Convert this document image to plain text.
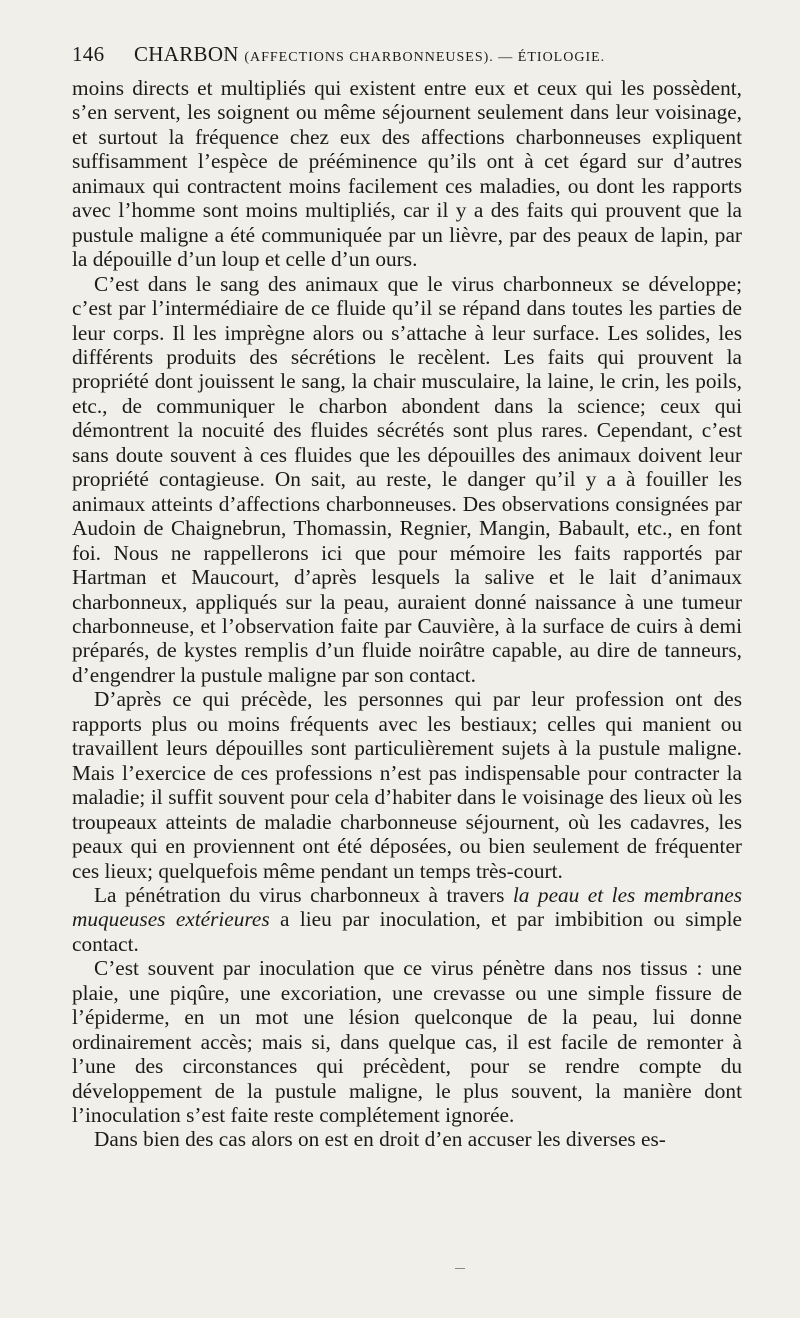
146 CHARBON (AFFECTIONS CHARBONNEUSES). — ÉTIOLOGIE.

moins directs et multipliés qui existent entre eux et ceux qui les possèdent, s’en servent, les soignent ou même séjournent seulement dans leur voisinage, et surtout la fréquence chez eux des affections charbonneuses expliquent suffisamment l’espèce de prééminence qu’ils ont à cet égard sur d’autres animaux qui contractent moins facilement ces maladies, ou dont les rapports avec l’homme sont moins multipliés, car il y a des faits qui prouvent que la pustule maligne a été communiquée par un lièvre, par des peaux de lapin, par la dépouille d’un loup et celle d’un ours.

C’est dans le sang des animaux que le virus charbonneux se développe; c’est par l’intermédiaire de ce fluide qu’il se répand dans toutes les parties de leur corps. Il les imprègne alors ou s’attache à leur surface. Les solides, les différents produits des sécrétions le recèlent. Les faits qui prouvent la propriété dont jouissent le sang, la chair musculaire, la laine, le crin, les poils, etc., de communiquer le charbon abondent dans la science; ceux qui démontrent la nocuité des fluides sécrétés sont plus rares. Cependant, c’est sans doute souvent à ces fluides que les dépouilles des animaux doivent leur propriété contagieuse. On sait, au reste, le danger qu’il y a à fouiller les animaux atteints d’affections charbonneuses. Des observations consignées par Audoin de Chaignebrun, Thomassin, Regnier, Mangin, Babault, etc., en font foi. Nous ne rappellerons ici que pour mémoire les faits rapportés par Hartman et Maucourt, d’après lesquels la salive et le lait d’animaux charbonneux, appliqués sur la peau, auraient donné naissance à une tumeur charbonneuse, et l’observation faite par Cauvière, à la surface de cuirs à demi préparés, de kystes remplis d’un fluide noirâtre capable, au dire de tanneurs, d’engendrer la pustule maligne par son contact.

D’après ce qui précède, les personnes qui par leur profession ont des rapports plus ou moins fréquents avec les bestiaux; celles qui manient ou travaillent leurs dépouilles sont particulièrement sujets à la pustule maligne. Mais l’exercice de ces professions n’est pas indispensable pour contracter la maladie; il suffit souvent pour cela d’habiter dans le voisinage des lieux où les troupeaux atteints de maladie charbonneuse séjournent, où les cadavres, les peaux qui en proviennent ont été déposées, ou bien seulement de fréquenter ces lieux; quelquefois même pendant un temps très-court.

La pénétration du virus charbonneux à travers la peau et les membranes muqueuses extérieures a lieu par inoculation, et par imbibition ou simple contact.

C’est souvent par inoculation que ce virus pénètre dans nos tissus : une plaie, une piqûre, une excoriation, une crevasse ou une simple fissure de l’épiderme, en un mot une lésion quelconque de la peau, lui donne ordinairement accès; mais si, dans quelque cas, il est facile de remonter à l’une des circonstances qui précèdent, pour se rendre compte du développement de la pustule maligne, le plus souvent, la manière dont l’inoculation s’est faite reste complétement ignorée.

Dans bien des cas alors on est en droit d’en accuser les diverses es-
